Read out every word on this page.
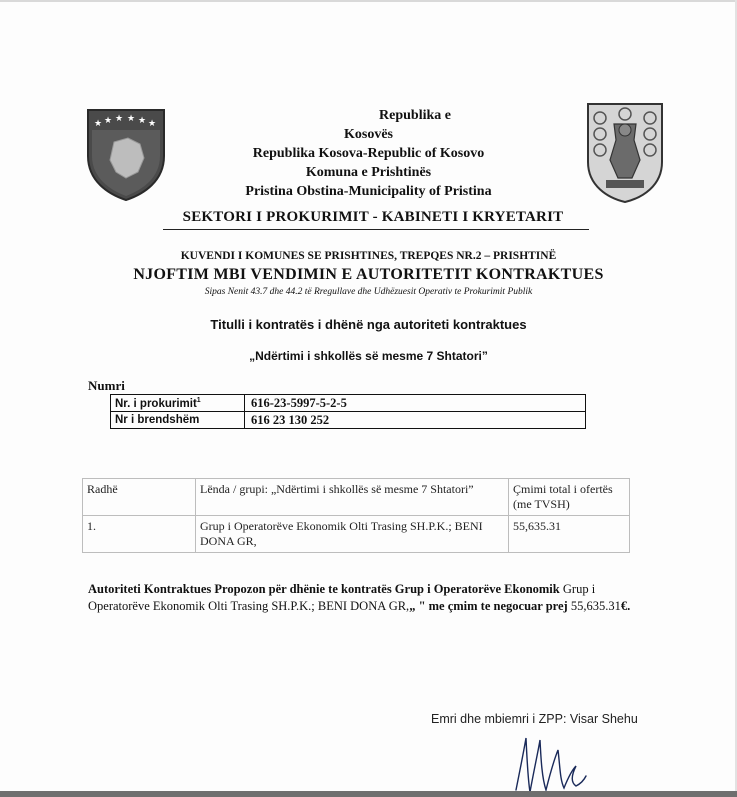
★ ★ ★ ★ ★ ★
Republika e
Kosovës
Republika Kosova-Republic of Kosovo
Komuna e Prishtinës
Pristina Obstina-Municipality of Pristina
SEKTORI I PROKURIMIT - KABINETI I KRYETARIT
KUVENDI I KOMUNES SE PRISHTINES, TREPQES NR.2 – PRISHTINË
NJOFTIM MBI VENDIMIN E AUTORITETIT KONTRAKTUES
Sipas Nenit 43.7 dhe 44.2 të Rregullave dhe Udhëzuesit Operativ te Prokurimit Publik
Titulli i kontratës i dhënë nga autoriteti kontraktues
„Ndërtimi i shkollës së mesme 7 Shtatori”
Numri
Nr. i prokurimit$^1$	616-23-5997-5-2-5
Nr i brendshëm	616 23 130 252
Radhë	Lënda / grupi: „Ndërtimi i shkollës së mesme 7 Shtatori”	Çmimi total i ofertës (me TVSH)
1.	Grup i Operatorëve Ekonomik Olti Trasing SH.P.K.; BENI DONA GR,	55,635.31
Autoriteti Kontraktues Propozon për dhënie te kontratës Grup i Operatorëve Ekonomik Grup i Operatorëve Ekonomik Olti Trasing SH.P.K.; BENI DONA GR,„ " me çmim te negocuar prej 55,635.31€.
Emri dhe mbiemri i ZPP: Visar Shehu
